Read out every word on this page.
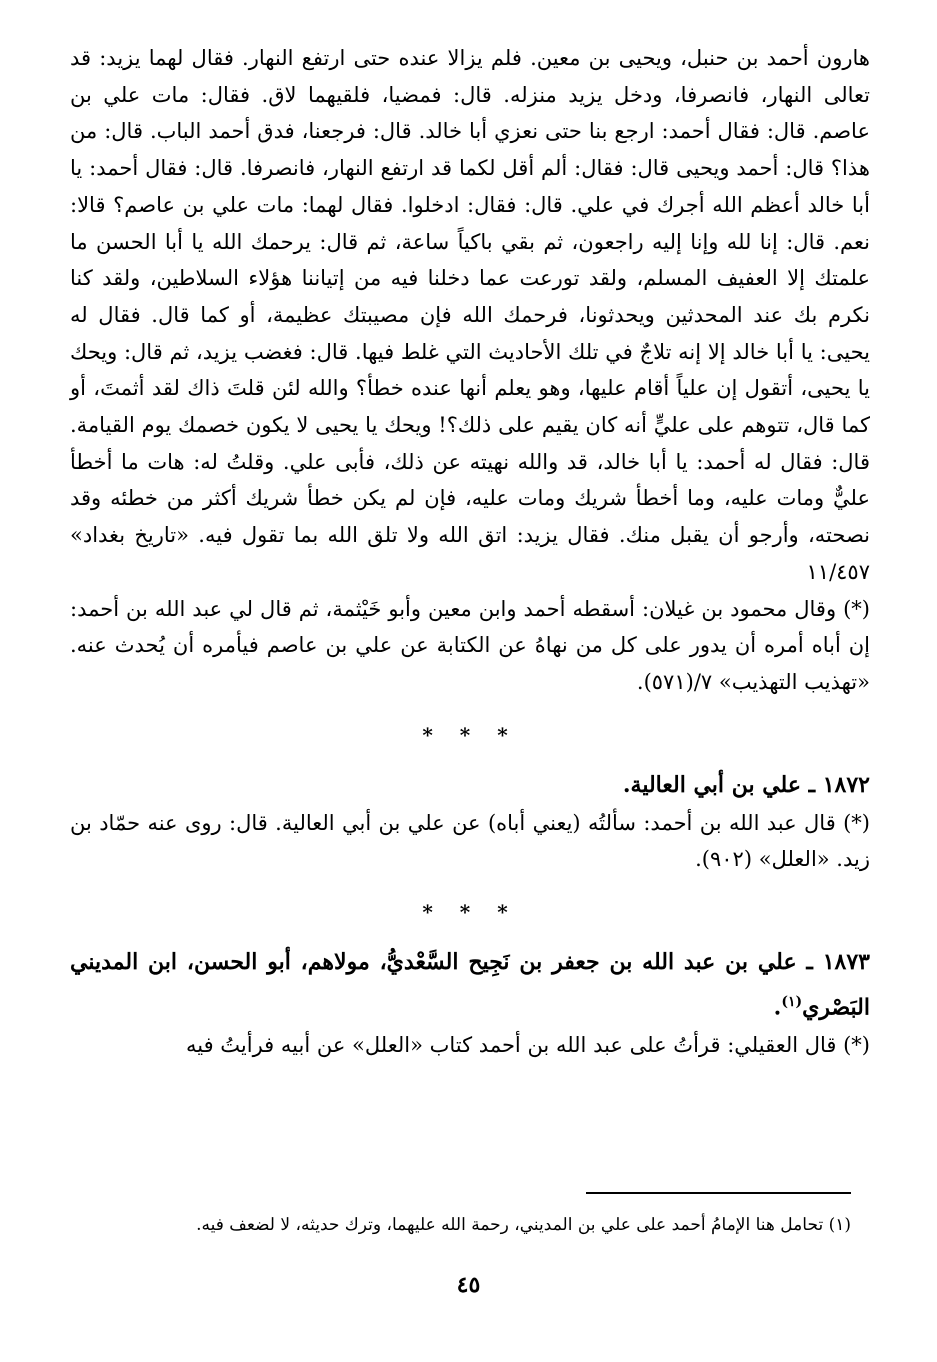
هارون أحمد بن حنبل، ويحيى بن معين. فلم يزالا عنده حتى ارتفع النهار. فقال لهما يزيد: قد تعالى النهار، فانصرفا، ودخل يزيد منزله. قال: فمضيا، فلقيهما لاق. فقال: مات علي بن عاصم. قال: فقال أحمد: ارجع بنا حتى نعزي أبا خالد. قال: فرجعنا، فدق أحمد الباب. قال: من هذا؟ قال: أحمد ويحيى قال: فقال: ألم أقل لكما قد ارتفع النهار، فانصرفا. قال: فقال أحمد: يا أبا خالد أعظم الله أجرك في علي. قال: فقال: ادخلوا. فقال لهما: مات علي بن عاصم؟ قالا: نعم. قال: إنا لله وإنا إليه راجعون، ثم بقي باكياً ساعة، ثم قال: يرحمك الله يا أبا الحسن ما علمتك إلا العفيف المسلم، ولقد تورعت عما دخلنا فيه من إتياننا هؤلاء السلاطين، ولقد كنا نكرم بك عند المحدثين ويحدثونا، فرحمك الله فإن مصيبتك عظيمة، أو كما قال. فقال له يحيى: يا أبا خالد إلا إنه تلاجٌ في تلك الأحاديث التي غلط فيها. قال: فغضب يزيد، ثم قال: ويحك يا يحيى، أتقول إن علياً أقام عليها، وهو يعلم أنها عنده خطأ؟ والله لئن قلتَ ذاك لقد أثمتَ، أو كما قال، تتوهم على عليٍّ أنه كان يقيم على ذلك؟! ويحك يا يحيى لا يكون خصمك يوم القيامة. قال: فقال له أحمد: يا أبا خالد، قد والله نهيته عن ذلك، فأبى علي. وقلتُ له: هات ما أخطأ عليٌّ ومات عليه، وما أخطأ شريك ومات عليه، فإن لم يكن خطأ شريك أكثر من خطئه وقد نصحته، وأرجو أن يقبل منك. فقال يزيد: اتق الله ولا تلق الله بما تقول فيه. «تاريخ بغداد» ١١/٤٥٧

(*) وقال محمود بن غيلان: أسقطه أحمد وابن معين وأبو خَيْثمة، ثم قال لي عبد الله بن أحمد: إن أباه أمره أن يدور على كل من نهاهُ عن الكتابة عن علي بن عاصم فيأمره أن يُحدث عنه. «تهذيب التهذيب» ٧/(٥٧١).

* * *

١٨٧٢ ـ علي بن أبي العالية.

(*) قال عبد الله بن أحمد: سألتُه (يعني أباه) عن علي بن أبي العالية. قال: روى عنه حمّاد بن زيد. «العلل» (٩٠٢).

* * *

١٨٧٣ ـ علي بن عبد الله بن جعفر بن نَجِيح السَّعْديُّ، مولاهم، أبو الحسن، ابن المديني البَصْري$^{(١)}$.

(*) قال العقيلي: قرأتُ على عبد الله بن أحمد كتاب «العلل» عن أبيه فرأيتُ فيه

(١) تحامل هنا الإمامُ أحمد على علي بن المديني، رحمة الله عليهما، وترك حديثه، لا لضعف فيه.
٤٥
